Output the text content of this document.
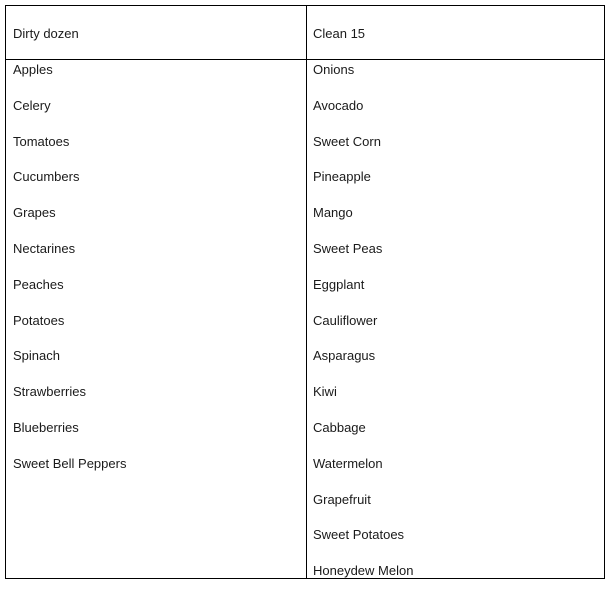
Dirty dozen	Clean 15
Apples
Celery
Tomatoes
Cucumbers
Grapes
Nectarines
Peaches
Potatoes
Spinach
Strawberries
Blueberries
Sweet Bell Peppers
Onions
Avocado
Sweet Corn
Pineapple
Mango
Sweet Peas
Eggplant
Cauliflower
Asparagus
Kiwi
Cabbage
Watermelon
Grapefruit
Sweet Potatoes
Honeydew Melon
